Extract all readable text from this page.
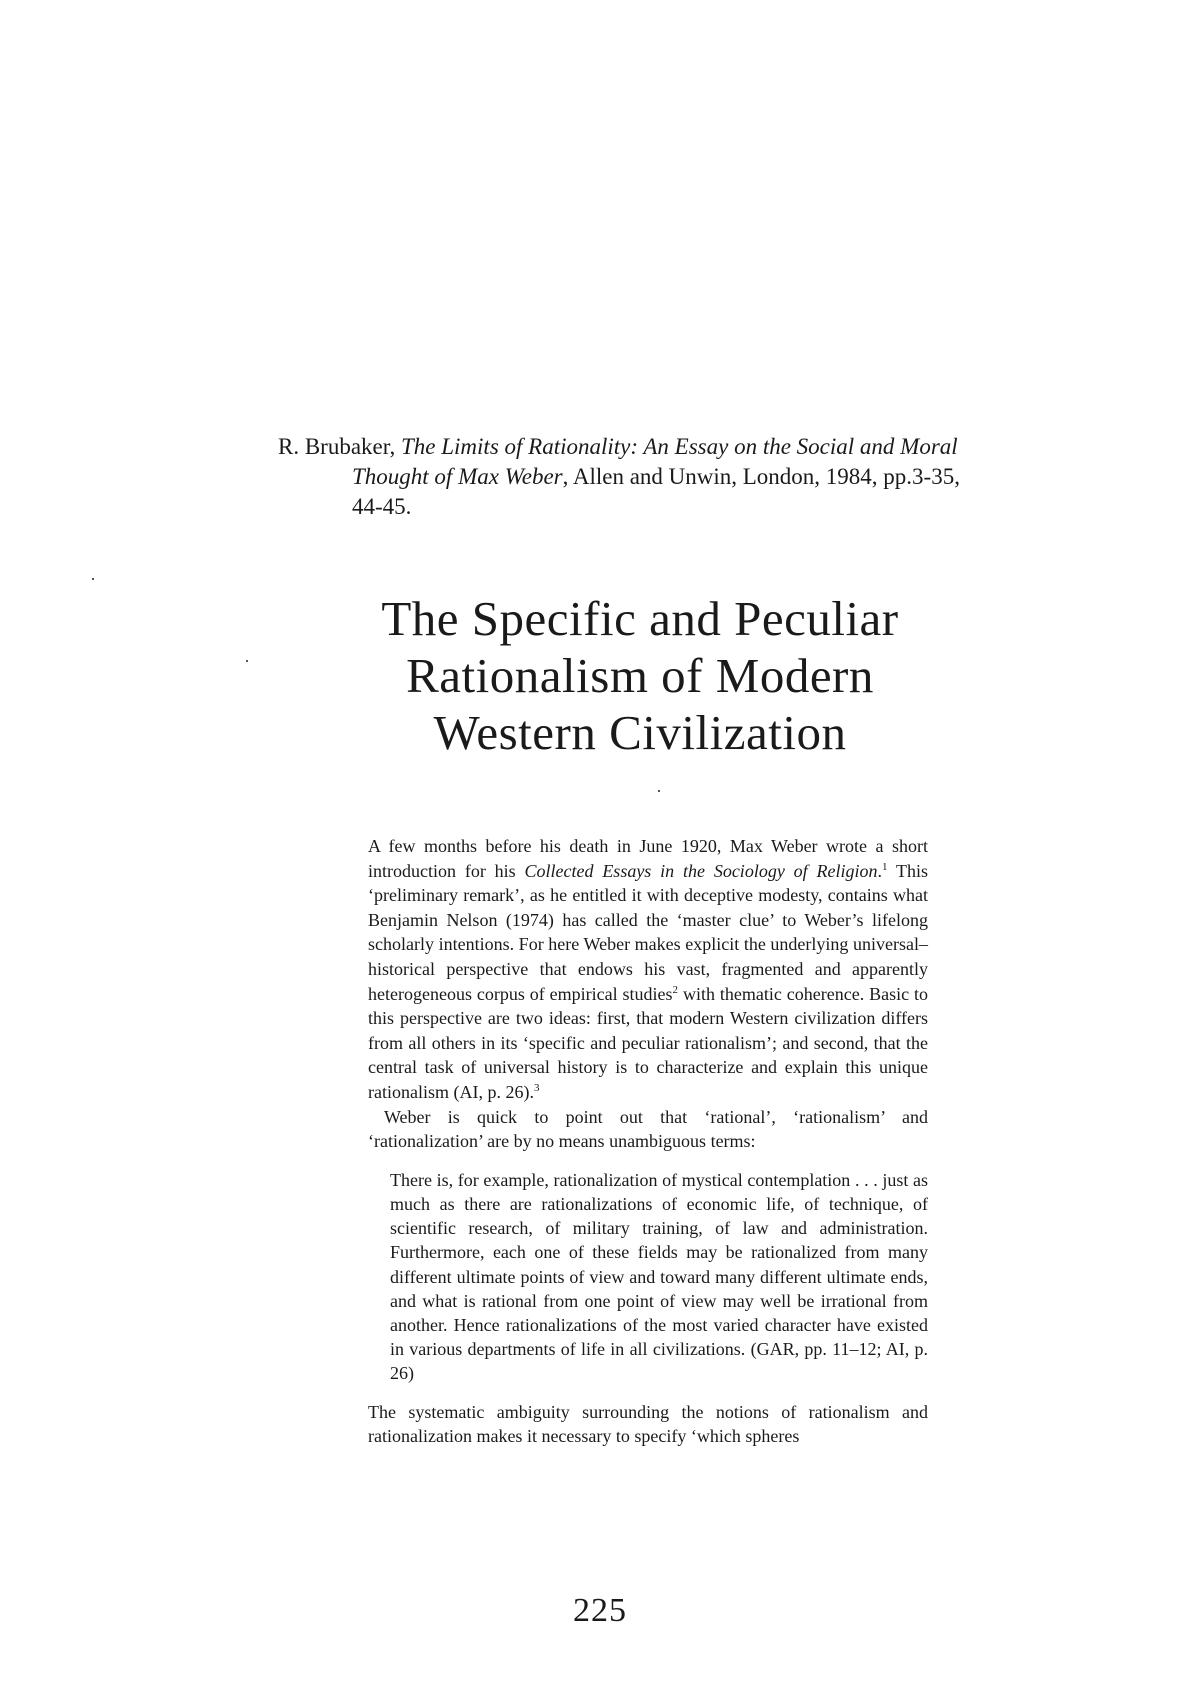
R. Brubaker, The Limits of Rationality: An Essay on the Social and Moral
Thought of Max Weber, Allen and Unwin, London, 1984, pp.3-35,
44-45.
The Specific and Peculiar
Rationalism of Modern
Western Civilization

A few months before his death in June 1920, Max Weber wrote a short introduction for his Collected Essays in the Sociology of Religion.$^1$ This ‘preliminary remark’, as he entitled it with deceptive modesty, contains what Benjamin Nelson (1974) has called the ‘master clue’ to Weber’s lifelong scholarly intentions. For here Weber makes explicit the underlying universal–historical perspective that endows his vast, fragmented and apparently heterogeneous corpus of empirical studies$^2$ with thematic coherence. Basic to this perspective are two ideas: first, that modern Western civilization differs from all others in its ‘specific and peculiar rationalism’; and second, that the central task of universal history is to characterize and explain this unique rationalism (AI, p. 26).$^3$

Weber is quick to point out that ‘rational’, ‘rationalism’ and ‘rationalization’ are by no means unambiguous terms:

There is, for example, rationalization of mystical contemplation . . . just as much as there are rationalizations of economic life, of technique, of scientific research, of military training, of law and administration. Furthermore, each one of these fields may be rationalized from many different ultimate points of view and toward many different ultimate ends, and what is rational from one point of view may well be irrational from another. Hence rationalizations of the most varied character have existed in various departments of life in all civilizations. (GAR, pp. 11–12; AI, p. 26)

The systematic ambiguity surrounding the notions of rationalism and rationalization makes it necessary to specify ‘which spheres

225
